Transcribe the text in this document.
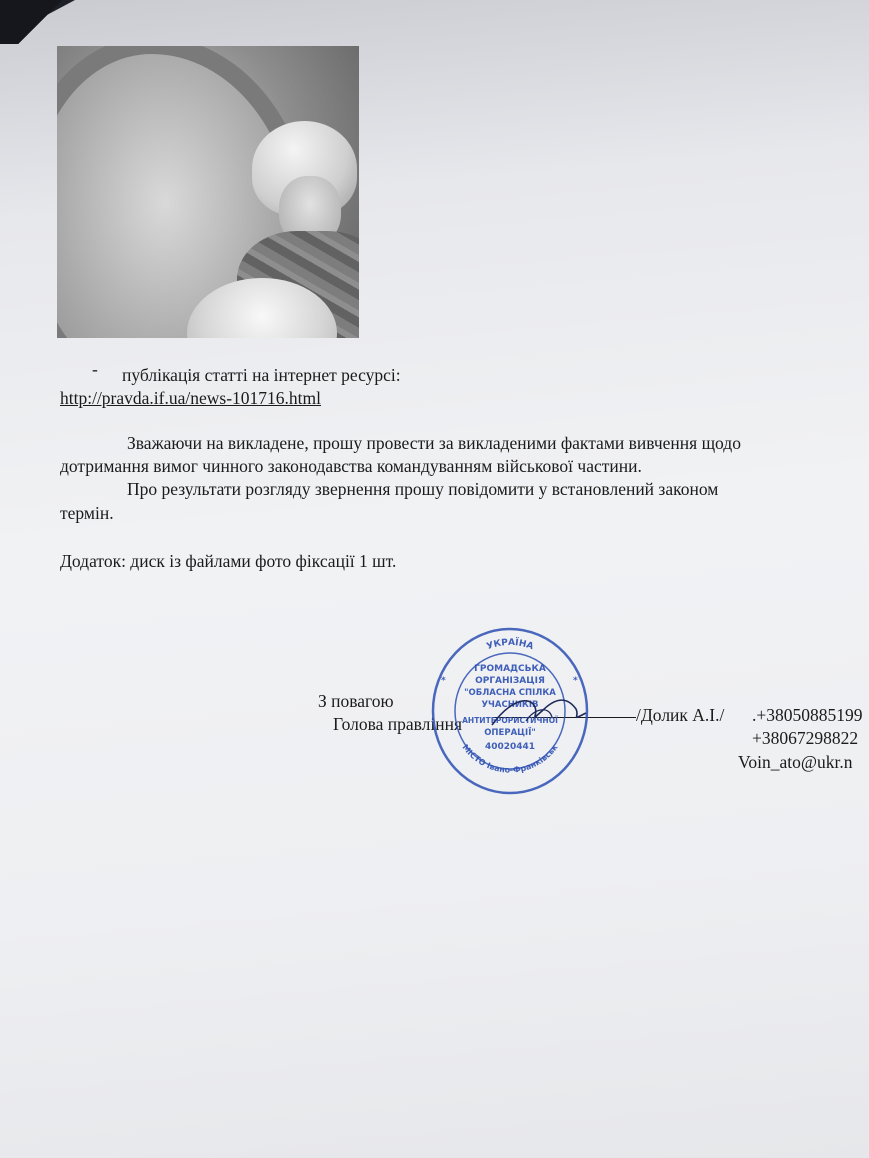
- публікація статті на інтернет ресурсі:
http://pravda.if.ua/news-101716.html
Зважаючи на викладене, прошу провести за викладеними фактами вивчення щодо
дотримання вимог чинного законодавства командуванням військової частини.
Про результати розгляду звернення прошу повідомити у встановлений законом
термін.
Додаток: диск із файлами фото фіксації 1 шт.
З повагою
Голова правління	/Долик А.І./ .+38050885199
+38067298822
Voin_ato@ukr.n
УКРАЇНА
МІСТО Івано-Франківськ
ГРОМАДСЬКА
ОРГАНІЗАЦІЯ
"ОБЛАСНА СПІЛКА
УЧАСНИКІВ
АНТИТЕРОРИСТИЧНОЇ
ОПЕРАЦІЇ"
40020441
*	*
